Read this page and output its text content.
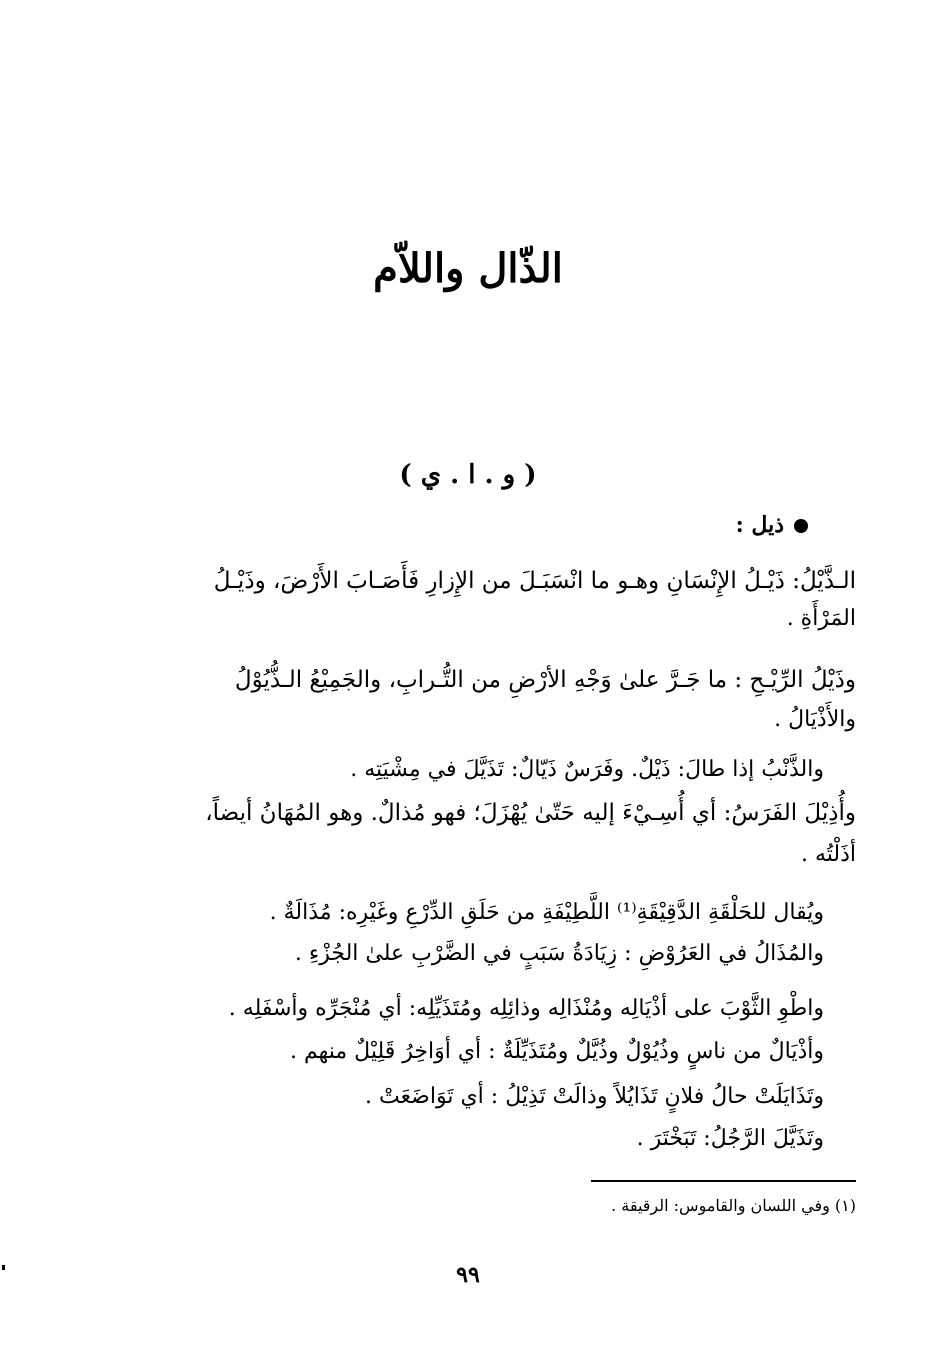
الذّال واللاّم
( و . ا . ي )
ذيل :
الـذَّيْلُ: ذَيْـلُ الإِنْسَانِ وهـو ما انْسَبَـلَ من الإِزارِ فَأَصَـابَ الأَرْضَ، وذَيْـلُ
المَرْأَةِ .
وذَيْلُ الرِّيْـحِ : ما جَـرَّ علىٰ وَجْهِ الأرْضِ من التُّـرابِ، والجَمِيْعُ الـذُّيُوْلُ
والأَذْيَالُ .
والذَّنْبُ إذا طالَ: ذَيْلٌ. وفَرَسٌ ذَيّالٌ: تَذَيَّلَ في مِشْيَتِه .
وأُذِيْلَ الفَرَسُ: أي أُسِـيْءَ إليه حَتّىٰ يُهْزَلَ؛ فهو مُذالٌ. وهو المُهَانُ أيضاً،
أذَلْتُه .
ويُقال للحَلْقَةِ الدَّقِيْقَةِ⁽¹⁾ اللَّطِيْفَةِ من حَلَقِ الدِّرْعِ وغَيْرِه: مُذَالَةٌ .
والمُذَالُ في العَرُوْضِ : زِيَادَةُ سَبَبٍ في الضَّرْبِ علىٰ الجُزْءِ .
واطْوِ الثَّوْبَ على أذْيَالِه ومُنْذَالِه وذائِلِه ومُتَذَيِّلِه: أي مُنْجَرِّه وأسْفَلِه .
وأذْيَالٌ من ناسٍ وذُيُوْلٌ وذُيَّلٌ ومُتَذَيِّلَةٌ : أي أوَاخِرُ قَلِيْلٌ منهم .
وتَذَايَلَتْ حالُ فلانٍ تَذَايُلاً وذالَتْ تَذِيْلُ : أي تَوَاضَعَتْ .
وتَذَيَّلَ الرَّجُلُ: تَبَخْتَرَ .
(١) وفي اللسان والقاموس: الرقيقة .
٩٩
